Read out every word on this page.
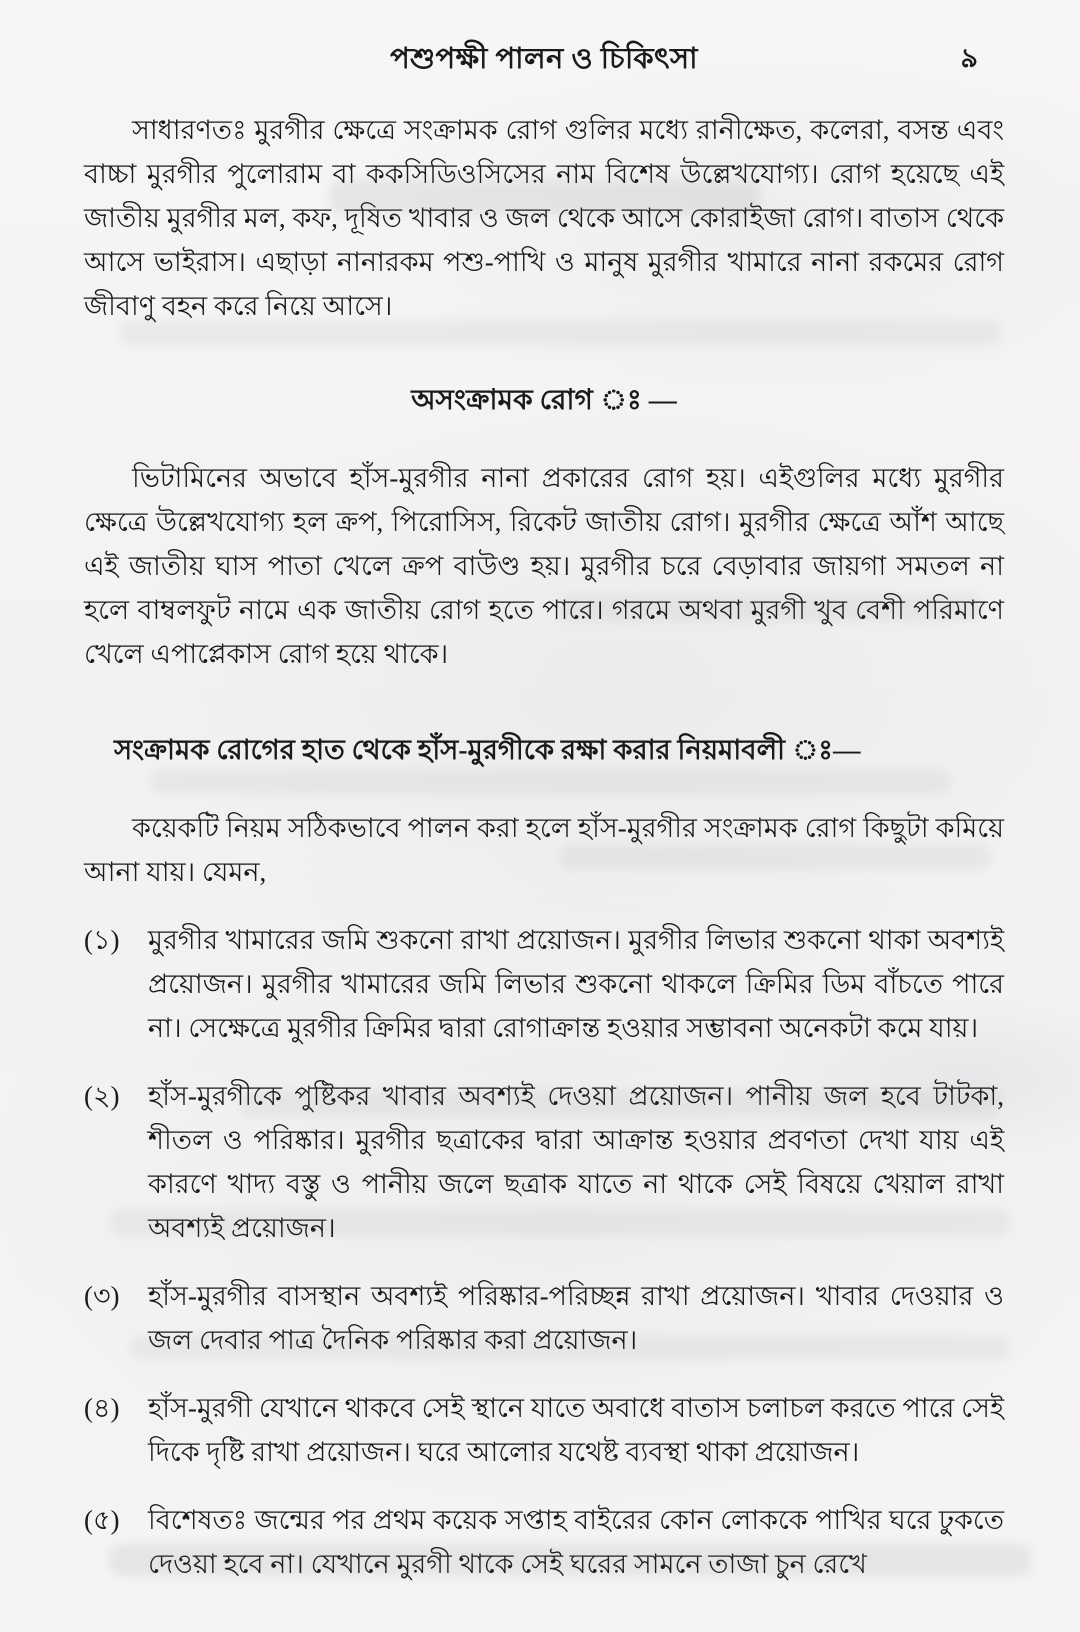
পশুপক্ষী পালন ও চিকিৎসা	৯

সাধারণতঃ মুরগীর ক্ষেত্রে সংক্রামক রোগ গুলির মধ্যে রানীক্ষেত, কলেরা, বসন্ত এবং বাচ্চা মুরগীর পুলোরাম বা ককসিডিওসিসের নাম বিশেষ উল্লেখযোগ্য। রোগ হয়েছে এই জাতীয় মুরগীর মল, কফ, দূষিত খাবার ও জল থেকে আসে কোরাইজা রোগ। বাতাস থেকে আসে ভাইরাস। এছাড়া নানারকম পশু-পাখি ও মানুষ মুরগীর খামারে নানা রকমের রোগ জীবাণু বহন করে নিয়ে আসে।

অসংক্রামক রোগ ঃ —

ভিটামিনের অভাবে হাঁস-মুরগীর নানা প্রকারের রোগ হয়। এইগুলির মধ্যে মুরগীর ক্ষেত্রে উল্লেখযোগ্য হল ক্রপ, পিরোসিস, রিকেট জাতীয় রোগ। মুরগীর ক্ষেত্রে আঁশ আছে এই জাতীয় ঘাস পাতা খেলে ক্রপ বাউণ্ড হয়। মুরগীর চরে বেড়াবার জায়গা সমতল না হলে বাম্বলফুট নামে এক জাতীয় রোগ হতে পারে। গরমে অথবা মুরগী খুব বেশী পরিমাণে খেলে এপাপ্লেকাস রোগ হয়ে থাকে।

সংক্রামক রোগের হাত থেকে হাঁস-মুরগীকে রক্ষা করার নিয়মাবলী ঃ—

কয়েকটি নিয়ম সঠিকভাবে পালন করা হলে হাঁস-মুরগীর সংক্রামক রোগ কিছুটা কমিয়ে আনা যায়। যেমন,

(১)	মুরগীর খামারের জমি শুকনো রাখা প্রয়োজন। মুরগীর লিভার শুকনো থাকা অবশ্যই প্রয়োজন। মুরগীর খামারের জমি লিভার শুকনো থাকলে ক্রিমির ডিম বাঁচতে পারে না। সেক্ষেত্রে মুরগীর ক্রিমির দ্বারা রোগাক্রান্ত হওয়ার সম্ভাবনা অনেকটা কমে যায়।
(২)	হাঁস-মুরগীকে পুষ্টিকর খাবার অবশ্যই দেওয়া প্রয়োজন। পানীয় জল হবে টাটকা, শীতল ও পরিষ্কার। মুরগীর ছত্রাকের দ্বারা আক্রান্ত হওয়ার প্রবণতা দেখা যায় এই কারণে খাদ্য বস্তু ও পানীয় জলে ছত্রাক যাতে না থাকে সেই বিষয়ে খেয়াল রাখা অবশ্যই প্রয়োজন।
(৩)	হাঁস-মুরগীর বাসস্থান অবশ্যই পরিষ্কার-পরিচ্ছন্ন রাখা প্রয়োজন। খাবার দেওয়ার ও জল দেবার পাত্র দৈনিক পরিষ্কার করা প্রয়োজন।
(৪)	হাঁস-মুরগী যেখানে থাকবে সেই স্থানে যাতে অবাধে বাতাস চলাচল করতে পারে সেই দিকে দৃষ্টি রাখা প্রয়োজন। ঘরে আলোর যথেষ্ট ব্যবস্থা থাকা প্রয়োজন।
(৫)	বিশেষতঃ জন্মের পর প্রথম কয়েক সপ্তাহ বাইরের কোন লোককে পাখির ঘরে ঢুকতে দেওয়া হবে না। যেখানে মুরগী থাকে সেই ঘরের সামনে তাজা চুন রেখে
